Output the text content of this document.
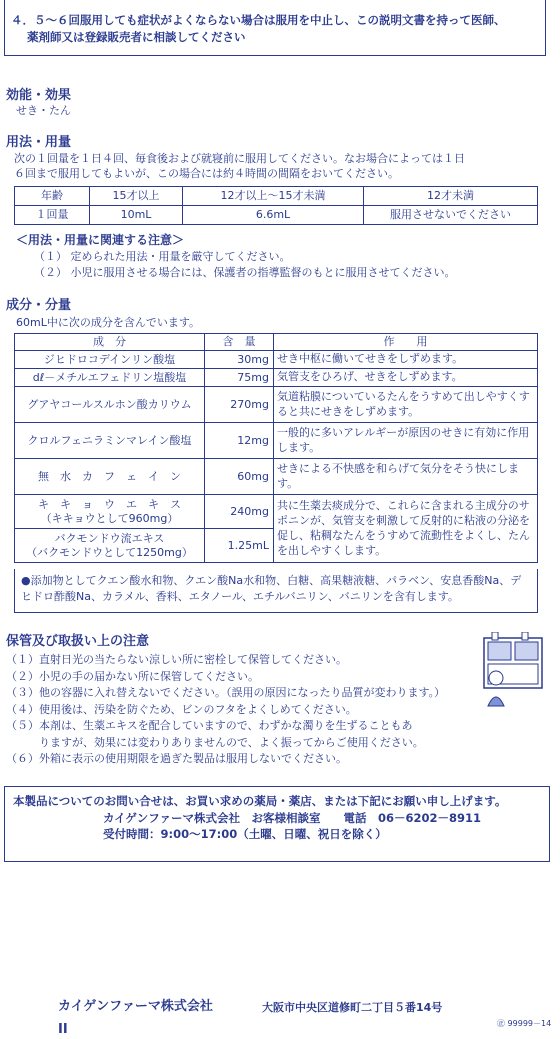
４．５～６回服用しても症状がよくならない場合は服用を中止し、この説明文書を持って医師、
薬剤師又は登録販売者に相談してください
効能・効果
せき・たん
用法・用量
次の１回量を１日４回、毎食後および就寝前に服用してください。なお場合によっては１日
６回まで服用してもよいが、この場合には約４時間の間隔をおいてください。
年齢	15才以上	12才以上～15才未満	12才未満
１回量	10mL	6.6mL	服用させないでください
＜用法・用量に関連する注意＞
（１） 定められた用法・用量を厳守してください。
（２） 小児に服用させる場合には、保護者の指導監督のもとに服用させてください。
成分・分量
60mL中に次の成分を含んでいます。
成　分	含　量	作　　用
ジヒドロコデインリン酸塩	30mg	せき中枢に働いてせきをしずめます。
dℓ－メチルエフェドリン塩酸塩	75mg	気管支をひろげ、せきをしずめます。
グアヤコールスルホン酸カリウム	270mg	気道粘膜についているたんをうすめて出しやすくすると共にせきをしずめます。
クロルフェニラミンマレイン酸塩	12mg	一般的に多いアレルギーが原因のせきに有効に作用します。
無　水　カ　フ　ェ　イ　ン	60mg	せきによる不快感を和らげて気分をそう快にします。

キ　キ　ョ　ウ　エ　キ　ス
（キキョウとして960mg）	240mg	共に生薬去痰成分で、これらに含まれる主成分のサポニンが、気管支を刺激して反射的に粘液の分泌を促し、粘稠なたんをうすめて流動性をよくし、たんを出しやすくします。

バクモンドウ流エキス
（バクモンドウとして1250mg）	1.25mL	
●添加物としてクエン酸水和物、クエン酸Na水和物、白糖、高果糖液糖、パラベン、安息香酸Na、デヒドロ酢酸Na、カラメル、香料、エタノール、エチルバニリン、バニリンを含有します。
保管及び取扱い上の注意
（１）直射日光の当たらない涼しい所に密栓して保管してください。
（２）小児の手の届かない所に保管してください。
（３）他の容器に入れ替えないでください。（誤用の原因になったり品質が変わります。）
（４）使用後は、汚染を防ぐため、ビンのフタをよくしめてください。
（５）本剤は、生薬エキスを配合していますので、わずかな濁りを生ずることもあ
　　　りますが、効果には変わりありませんので、よく振ってからご使用ください。
（６）外箱に表示の使用期限を過ぎた製品は服用しないでください。
本製品についてのお問い合せは、お買い求めの薬局・薬店、または下記にお願い申し上げます。
カイゲンファーマ株式会社　お客様相談室　　電話　06－6202－8911
受付時間：9:00～17:00（土曜、日曜、祝日を除く）
カイゲンファーマ株式会社	大阪市中央区道修町二丁目５番14号
II	㊣ 99999－14
